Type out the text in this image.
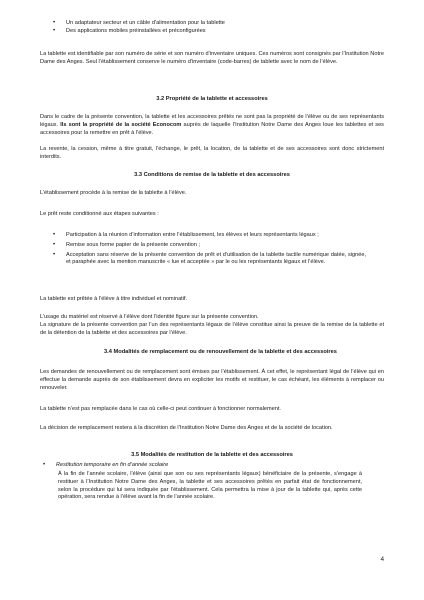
• Un adaptateur secteur et un câble d’alimentation pour la tablette
• Des applications mobiles préinstallées et préconfigurées

La tablette est identifiable par son numéro de série et son numéro d’inventaire uniques. Ces numéros sont consignés par l’Institution Notre Dame des Anges. Seul l’établissement conserve le numéro d’inventaire (code-barres) de tablette avec le nom de l’élève.

3.2 Propriété de la tablette et accessoires

Dans le cadre de la présente convention, la tablette et les accessoires prêtés ne sont pas la propriété de l’élève ou de ses représentants légaux. Ils sont la propriété de la société Econocom auprès de laquelle l’Institution Notre Dame des Anges loue les tablettes et ses accessoires pour la remettre en prêt à l’élève.

La revente, la cession, même à titre gratuit, l’échange, le prêt, la location, de la tablette et de ses accessoires sont donc strictement interdits.

3.3 Conditions de remise de la tablette et des accessoires

L’établissement procède à la remise de la tablette à l’élève.

Le prêt reste conditionné aux étapes suivantes :

• Participation à la réunion d’information entre l’établissement, les élèves et leurs représentants légaux ;
• Remise sous forme papier de la présente convention ;
• Acceptation sans réserve de la présente convention de prêt et d’utilisation de la tablette tactile numérique datée, signée, et paraphée avec la mention manuscrite « lue et acceptée » par le ou les représentants légaux et l’élève.

La tablette est prêtée à l’élève à titre individuel et nominatif.

L’usage du matériel est réservé à l’élève dont l’identité figure sur la présente convention.

La signature de la présente convention par l’un des représentants légaux de l’élève constitue ainsi la preuve de la remise de la tablette et de la détention de la tablette et des accessoires par l’élève.

3.4 Modalités de remplacement ou de renouvellement de la tablette et des accessoires

Les demandes de renouvellement ou de remplacement sont émises par l’établissement. À cet effet, le représentant légal de l’élève qui en effectue la demande auprès de son établissement devra en expliciter les motifs et restituer, le cas échéant, les éléments à remplacer ou renouveler.

La tablette n’est pas remplacée dans le cas où celle-ci peut continuer à fonctionner normalement.

La décision de remplacement restera à la discrétion de l’Institution Notre Dame des Anges et de la société de location.

3.5 Modalités de restitution de la tablette et des accessoires
• Restitution temporaire en fin d’année scolaire

À la fin de l’année scolaire, l’élève (ainsi que son ou ses représentants légaux) bénéficiaire de la présente, s’engage à restituer à l’Institution Notre Dame des Anges, la tablette et ses accessoires prêtés en parfait état de fonctionnement, selon la procédure qui lui sera indiquée par l’établissement. Cela permettra la mise à jour de la tablette qui, après cette opération, sera rendue à l’élève avant la fin de l’année scolaire.

4
